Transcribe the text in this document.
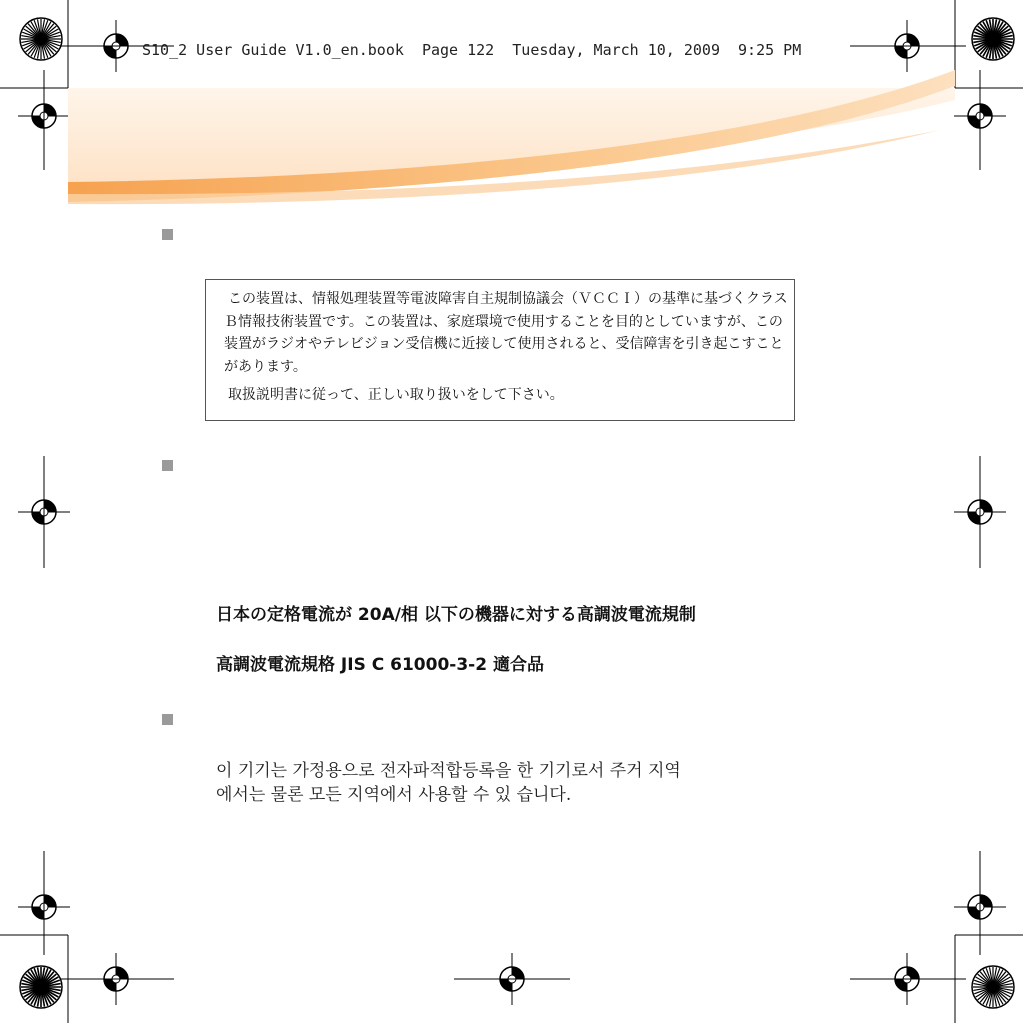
S10_2 User Guide V1.0_en.book  Page 122  Tuesday, March 10, 2009  9:25 PM

この装置は、情報処理装置等電波障害自主規制協議会（ＶＣＣＩ）の基準に基づくクラスＢ情報技術装置です。この装置は、家庭環境で使用することを目的としていますが、この装置がラジオやテレビジョン受信機に近接して使用されると、受信障害を引き起こすことがあります。

取扱説明書に従って、正しい取り扱いをして下さい。

日本の定格電流が 20A/相 以下の機器に対する高調波電流規制
高調波電流規格 JIS C 61000-3-2 適合品

이 기기는 가정용으로 전자파적합등록을 한 기기로서 주거 지역

에서는 물론 모든 지역에서 사용할 수 있 습니다.
